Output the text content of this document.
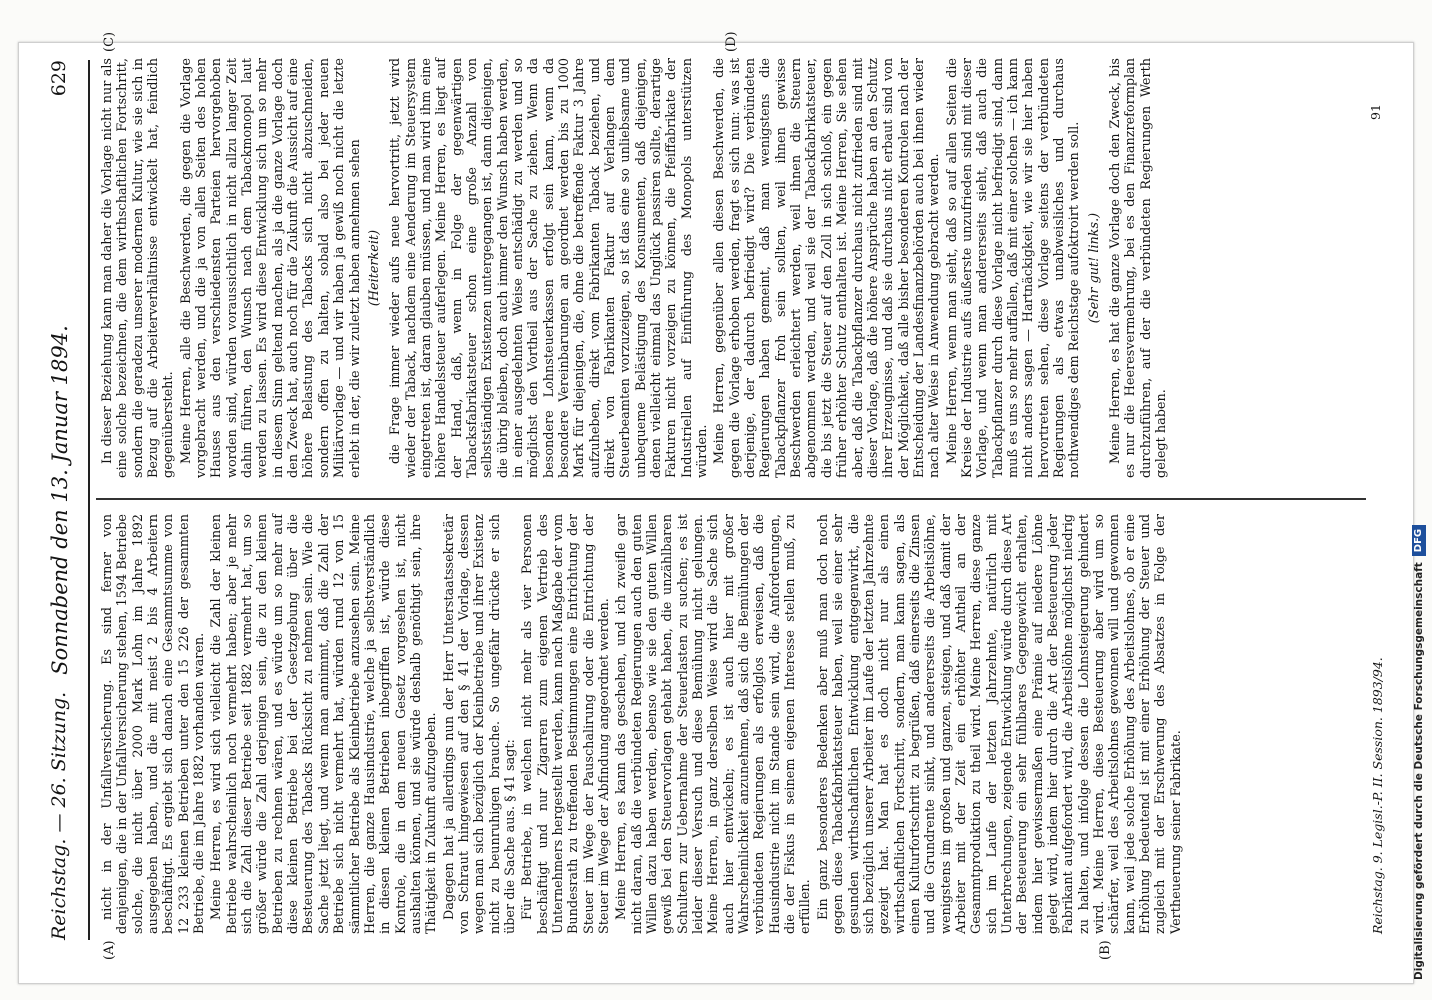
Reichstag. — 26. Sitzung.
Sonnabend den 13. Januar 1894.
629
(A)	(B)
(C)	(D)

nicht in der Unfallversicherung. Es sind ferner von denjenigen, die in der Unfallversicherung stehen, 1594 Betriebe solche, die nicht über 2000 Mark Lohn im Jahre 1892 ausgegeben haben, und die mit meist 2 bis 4 Arbeitern beschäftigt. Es ergiebt sich danach eine Gesammtsumme von 12 233 kleinen Betrieben unter den 15 226 der gesammten Betriebe, die im Jahre 1882 vorhanden waren. Meine Herren, es wird sich vielleicht die Zahl der kleinen Betriebe wahrscheinlich noch vermehrt haben; aber je mehr sich die Zahl dieser Betriebe seit 1882 vermehrt hat, um so größer würde die Zahl derjenigen sein, die zu den kleinen Betrieben zu rechnen wären, und es würde um so mehr auf diese kleinen Betriebe bei der Gesetzgebung über die Besteuerung des Tabacks Rücksicht zu nehmen sein. Wie die Sache jetzt liegt, und wenn man annimmt, daß die Zahl der Betriebe sich nicht vermehrt hat, würden rund 12 von 15 sämmtlicher Betriebe als Kleinbetriebe anzusehen sein. Meine Herren, die ganze Hausindustrie, welche ja selbstverständlich in diesen kleinen Betrieben inbegriffen ist, würde diese Kontrole, die in dem neuen Gesetz vorgesehen ist, nicht aushalten können, und sie würde deshalb genöthigt sein, ihre Thätigkeit in Zukunft aufzugeben. Dagegen hat ja allerdings nun der Herr Unterstaatssekretär von Schraut hingewiesen auf den § 41 der Vorlage, dessen wegen man sich bezüglich der Kleinbetriebe und ihrer Existenz nicht zu beunruhigen brauche. So ungefähr drückte er sich über die Sache aus. § 41 sagt: Für Betriebe, in welchen nicht mehr als vier Personen beschäftigt und nur Zigarren zum eigenen Vertrieb des Unternehmers hergestellt werden, kann nach Maßgabe der vom Bundesrath zu treffenden Bestimmungen eine Entrichtung der Steuer im Wege der Pauschalirung oder die Entrichtung der Steuer im Wege der Abfindung angeordnet werden. Meine Herren, es kann das geschehen, und ich zweifle gar nicht daran, daß die verbündeten Regierungen auch den guten Willen dazu haben werden, ebenso wie sie den guten Willen gewiß bei den Steuervorlagen gehabt haben, die unzählbaren Schultern zur Uebernahme der Steuerlasten zu suchen; es ist leider dieser Versuch und diese Bemühung nicht gelungen. Meine Herren, in ganz derselben Weise wird die Sache sich auch hier entwickeln; es ist auch hier mit großer Wahrscheinlichkeit anzunehmen, daß sich die Bemühungen der verbündeten Regierungen als erfolglos erweisen, daß die Hausindustrie nicht im Stande sein wird, die Anforderungen, die der Fiskus in seinem eigenen Interesse stellen muß, zu erfüllen. Ein ganz besonderes Bedenken aber muß man doch noch gegen diese Tabackfabrikatsteuer haben, weil sie einer sehr gesunden wirthschaftlichen Entwicklung entgegenwirkt, die sich bezüglich unserer Arbeiter im Laufe der letzten Jahrzehnte gezeigt hat. Man hat es doch nicht nur als einen wirthschaftlichen Fortschritt, sondern, man kann sagen, als einen Kulturfortschritt zu begrüßen, daß einerseits die Zinsen und die Grundrente sinkt, und andererseits die Arbeitslöhne, wenigstens im großen und ganzen, steigen, und daß damit der Arbeiter mit der Zeit ein erhöhter Antheil an der Gesammtproduktion zu theil wird. Meine Herren, diese ganze sich im Laufe der letzten Jahrzehnte, natürlich mit Unterbrechungen, zeigende Entwicklung würde durch diese Art der Besteuerung ein sehr fühlbares Gegengewicht erhalten, indem hier gewissermaßen eine Prämie auf niedere Löhne gelegt wird, indem hier durch die Art der Besteuerung jeder Fabrikant aufgefordert wird, die Arbeitslöhne möglichst niedrig zu halten, und infolge dessen die Lohnsteigerung gehindert wird. Meine Herren, diese Besteuerung aber wird um so schärfer, weil des Arbeitslohnes gewonnen will und gewonnen kann, weil jede solche Erhöhung des Arbeitslohnes, ob er eine Erhöhung bedeutend ist mit einer Erhöhung der Steuer und zugleich mit der Erschwerung des Absatzes in Folge der Vertheuerung seiner Fabrikate.

In dieser Beziehung kann man daher die Vorlage nicht nur als eine solche bezeichnen, die dem wirthschaftlichen Fortschritt, sondern die geradezu unserer modernen Kultur, wie sie sich in Bezug auf die Arbeiterverhältnisse entwickelt hat, feindlich gegenübersteht. Meine Herren, alle die Beschwerden, die gegen die Vorlage vorgebracht werden, und die ja von allen Seiten des hohen Hauses aus den verschiedensten Parteien hervorgehoben worden sind, würden voraussichtlich in nicht allzu langer Zeit dahin führen, den Wunsch nach dem Tabackmonopol laut werden zu lassen. Es wird diese Entwicklung sich um so mehr in diesem Sinn geltend machen, als ja die ganze Vorlage doch den Zweck hat, auch noch für die Zukunft die Aussicht auf eine höhere Belastung des Tabacks sich nicht abzuschneiden, sondern offen zu halten, sobald also bei jeder neuen Militärvorlage — und wir haben ja gewiß noch nicht die letzte erlebt in der, die wir zuletzt haben annehmen sehen (Heiterkeit) die Frage immer wieder aufs neue hervortritt, jetzt wird wieder der Taback, nachdem eine Aenderung im Steuersystem eingetreten ist, daran glauben müssen, und man wird ihm eine höhere Handelssteuer auferlegen. Meine Herren, es liegt auf der Hand, daß, wenn in Folge der gegenwärtigen Tabacksfabrikatsteuer schon eine große Anzahl von selbstständigen Existenzen untergegangen ist, dann diejenigen, die übrig bleiben, doch auch immer den Wunsch haben werden, in einer ausgedehnten Weise entschädigt zu werden und so möglichst den Vortheil aus der Sache zu ziehen. Wenn da besondere Lohnsteuerkassen erfolgt sein kann, wenn da besondere Vereinbarungen an geordnet werden bis zu 1000 Mark für diejenigen, die, ohne die betreffende Faktur 3 Jahre aufzuheben, direkt vom Fabrikanten Taback beziehen, und direkt von Fabrikanten Faktur auf Verlangen dem Steuerbeamten vorzuzeigen, so ist das eine so unliebsame und unbequeme Belästigung des Konsumenten, daß diejenigen, denen vielleicht einmal das Unglück passiren sollte, derartige Fakturen nicht vorzeigen zu können, die Pfeiffabrikate der Industriellen auf Einführung des Monopols unterstützen würden. Meine Herren, gegenüber allen diesen Beschwerden, die gegen die Vorlage erhoben werden, fragt es sich nun: was ist derjenige, der dadurch befriedigt wird? Die verbündeten Regierungen haben gemeint, daß man wenigstens die Tabackpflanzer froh sein sollten, weil ihnen gewisse Beschwerden erleichtert werden, weil ihnen die Steuern abgenommen werden, und weil sie der Tabackfabrikatsteuer, die bis jetzt die Steuer auf den Zoll in sich schloß, ein gegen früher erhöhter Schutz enthalten ist. Meine Herren, Sie sehen aber, daß die Tabackpflanzer durchaus nicht zufrieden sind mit dieser Vorlage, daß die höhere Ansprüche haben an den Schutz ihrer Erzeugnisse, und daß sie durchaus nicht erbaut sind von der Möglichkeit, daß alle bisher besonderen Kontrolen nach der Entscheidung der Landesfinanzbehörden auch bei ihnen wieder nach alter Weise in Anwendung gebracht werden. Meine Herren, wenn man sieht, daß so auf allen Seiten die Kreise der Industrie aufs äußerste unzufrieden sind mit dieser Vorlage, und wenn man andererseits sieht, daß auch die Tabackpflanzer durch diese Vorlage nicht befriedigt sind, dann muß es uns so mehr auffallen, daß mit einer solchen — ich kann nicht anders sagen — Hartnäckigkeit, wie wir sie hier haben hervortreten sehen, diese Vorlage seitens der verbündeten Regierungen als etwas unabweisliches und durchaus nothwendiges dem Reichstage aufoktroirt werden soll. (Sehr gut! links.) Meine Herren, es hat die ganze Vorlage doch den Zweck, bis es nur die Heeresvermehrung, bei es den Finanzreformplan durchzuführen, auf der die verbündeten Regierungen Werth gelegt haben.

Reichstag. 9. Legisl.-P. II. Session. 1893/94.
91
Digitalisierung gefördert durch die Deutsche ForschungsgemeinschaftDFG
